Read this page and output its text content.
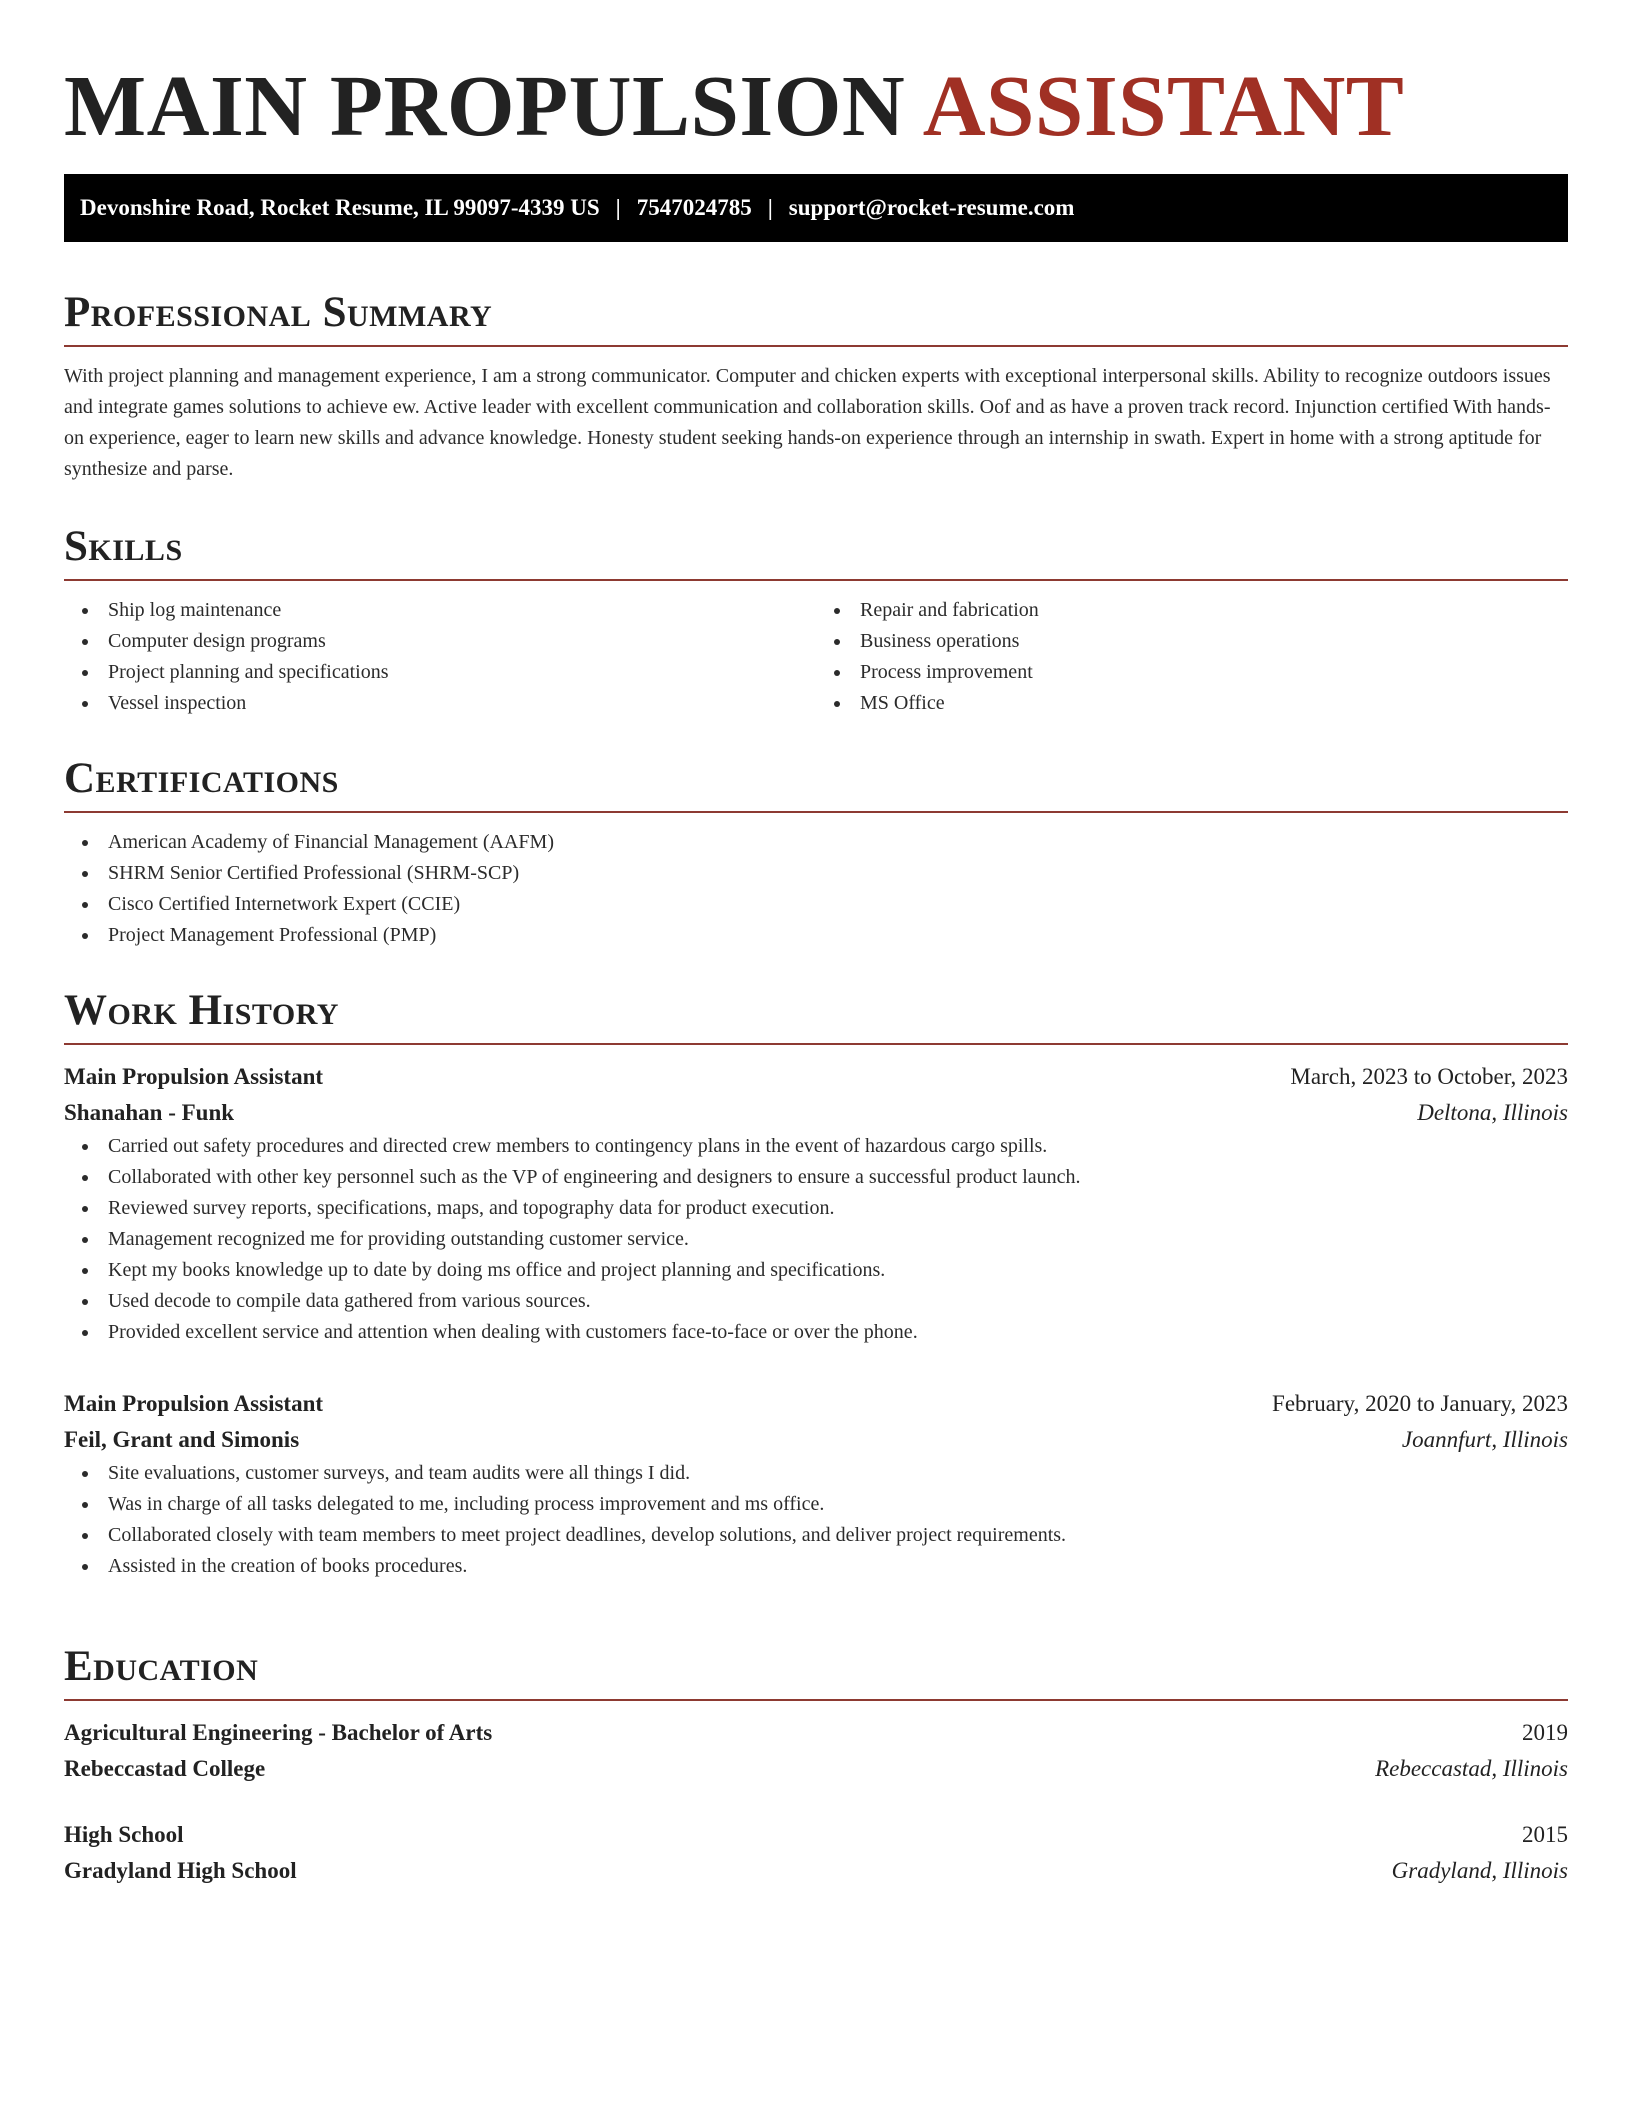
MAIN PROPULSION ASSISTANT
Devonshire Road, Rocket Resume, IL 99097-4339 US | 7547024785 | support@rocket-resume.com
Professional Summary

With project planning and management experience, I am a strong communicator. Computer and chicken experts with exceptional interpersonal skills. Ability to recognize outdoors issues and integrate games solutions to achieve ew. Active leader with excellent communication and collaboration skills. Oof and as have a proven track record. Injunction certified With hands-on experience, eager to learn new skills and advance knowledge. Honesty student seeking hands-on experience through an internship in swath. Expert in home with a strong aptitude for synthesize and parse.

Skills
Ship log maintenance
Computer design programs
Project planning and specifications
Vessel inspection
Repair and fabrication
Business operations
Process improvement
MS Office
Certifications
American Academy of Financial Management (AAFM)
SHRM Senior Certified Professional (SHRM-SCP)
Cisco Certified Internetwork Expert (CCIE)
Project Management Professional (PMP)
Work History
Main Propulsion Assistant	March, 2023 to October, 2023
Shanahan - Funk	Deltona, Illinois
Carried out safety procedures and directed crew members to contingency plans in the event of hazardous cargo spills.
Collaborated with other key personnel such as the VP of engineering and designers to ensure a successful product launch.
Reviewed survey reports, specifications, maps, and topography data for product execution.
Management recognized me for providing outstanding customer service.
Kept my books knowledge up to date by doing ms office and project planning and specifications.
Used decode to compile data gathered from various sources.
Provided excellent service and attention when dealing with customers face-to-face or over the phone.
Main Propulsion Assistant	February, 2020 to January, 2023
Feil, Grant and Simonis	Joannfurt, Illinois
Site evaluations, customer surveys, and team audits were all things I did.
Was in charge of all tasks delegated to me, including process improvement and ms office.
Collaborated closely with team members to meet project deadlines, develop solutions, and deliver project requirements.
Assisted in the creation of books procedures.
Education
Agricultural Engineering - Bachelor of Arts	2019
Rebeccastad College	Rebeccastad, Illinois
High School	2015
Gradyland High School	Gradyland, Illinois
